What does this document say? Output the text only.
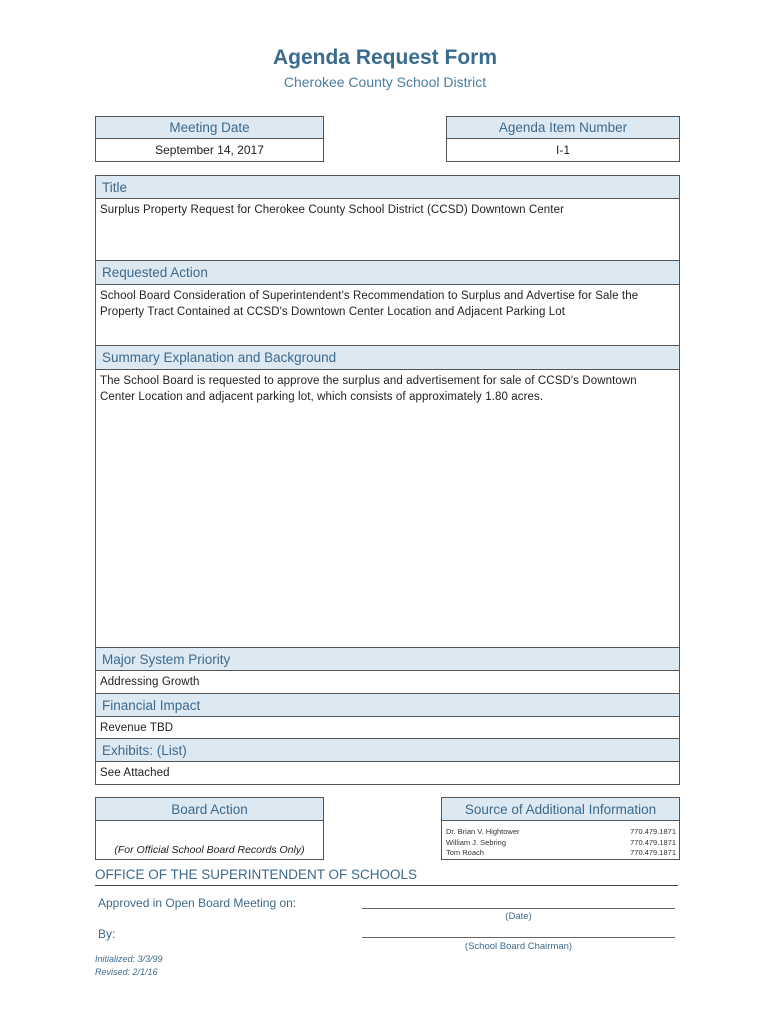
Agenda Request Form
Cherokee County School District
Meeting Date
September 14, 2017
Agenda Item Number
I-1
Title
Surplus Property Request for Cherokee County School District (CCSD) Downtown Center
Requested Action
School Board Consideration of Superintendent's Recommendation to Surplus and Advertise for Sale the Property Tract Contained at CCSD's Downtown Center Location and Adjacent Parking Lot
Summary Explanation and Background
The School Board is requested to approve the surplus and advertisement for sale of CCSD's Downtown Center Location and adjacent parking lot, which consists of approximately 1.80 acres.
Major System Priority
Addressing Growth
Financial Impact
Revenue TBD
Exhibits: (List)
See Attached
Board Action
(For Official School Board Records Only)
Source of Additional Information
Dr. Brian V. Hightower	770.479.1871
William J. Sebring	770.479.1871
Tom Roach	770.479.1871
OFFICE OF THE SUPERINTENDENT OF SCHOOLS
Approved in Open Board Meeting on:
(Date)
By:
(School Board Chairman)
Initialized: 3/3/99
Revised: 2/1/16
